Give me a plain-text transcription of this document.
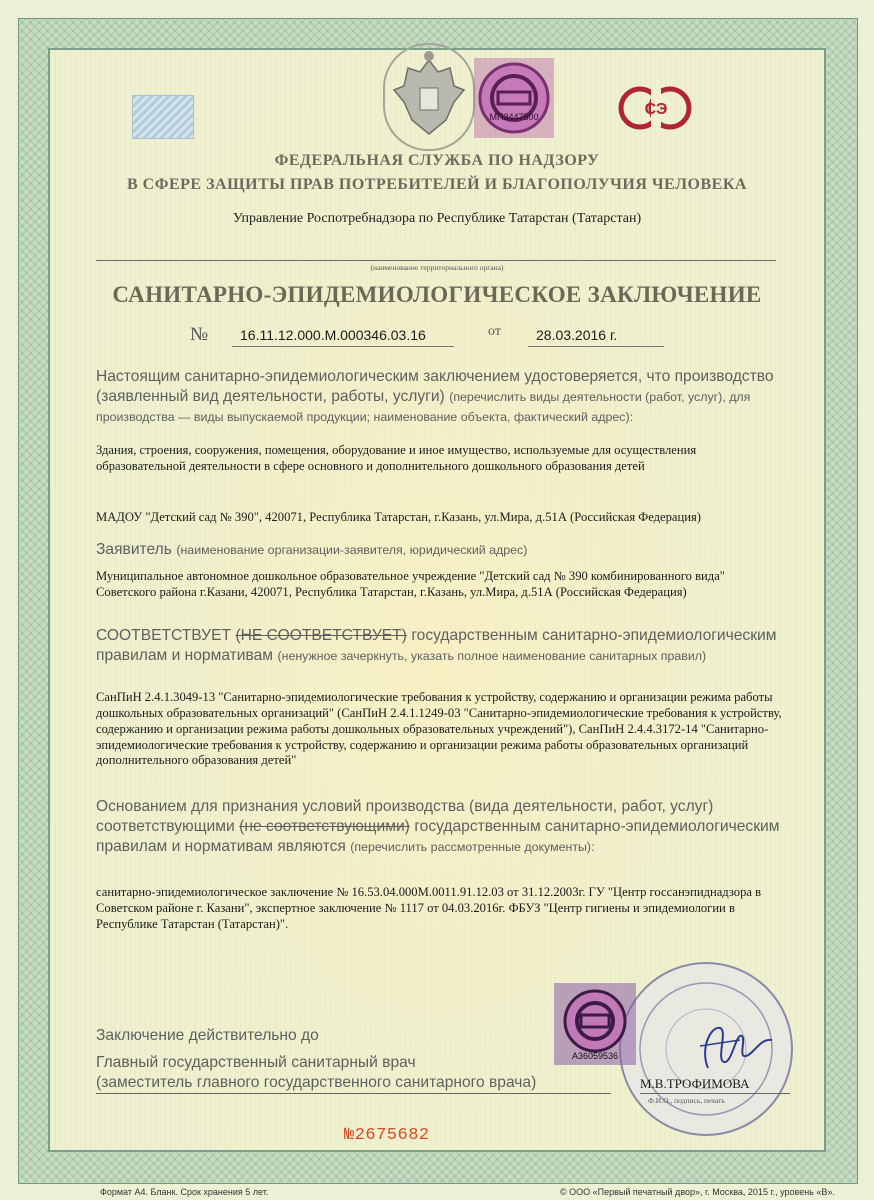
МП3447500	СЭ
ФЕДЕРАЛЬНАЯ СЛУЖБА ПО НАДЗОРУ
В СФЕРЕ ЗАЩИТЫ ПРАВ ПОТРЕБИТЕЛЕЙ И БЛАГОПОЛУЧИЯ ЧЕЛОВЕКА
Управление Роспотребнадзора по Республике Татарстан (Татарстан)
(наименование территориального органа)
САНИТАРНО-ЭПИДЕМИОЛОГИЧЕСКОЕ ЗАКЛЮЧЕНИЕ
№ 16.11.12.000.М.000346.03.16	от	28.03.2016 г.

Настоящим санитарно-эпидемиологическим заключением удостоверяется, что производство (заявленный вид деятельности, работы, услуги) (перечислить виды деятельности (работ, услуг), для производства — виды выпускаемой продукции; наименование объекта, фактический адрес):

Здания, строения, сооружения, помещения, оборудование и иное имущество, используемые для осуществления образовательной деятельности в сфере основного и дополнительного дошкольного образования детей

МАДОУ "Детский сад № 390", 420071, Республика Татарстан, г.Казань, ул.Мира, д.51А (Российская Федерация)

Заявитель (наименование организации-заявителя, юридический адрес)

Муниципальное автономное дошкольное образовательное учреждение "Детский сад № 390 комбинированного вида" Советского района г.Казани, 420071, Республика Татарстан, г.Казань, ул.Мира, д.51А (Российская Федерация)

СООТВЕТСТВУЕТ (НЕ СООТВЕТСТВУЕТ) государственным санитарно-эпидемиологическим правилам и нормативам (ненужное зачеркнуть, указать полное наименование санитарных правил)

СанПиН 2.4.1.3049-13 "Санитарно-эпидемиологические требования к устройству, содержанию и организации режима работы дошкольных образовательных организаций" (СанПиН 2.4.1.1249-03 "Санитарно-эпидемиологические требования к устройству, содержанию и организации режима работы дошкольных образовательных учреждений"), СанПиН 2.4.4.3172-14 "Санитарно-эпидемиологические требования к устройству, содержанию и организации режима работы образовательных организаций дополнительного образования детей"

Основанием для признания условий производства (вида деятельности, работ, услуг) соответствующими (не соответствующими) государственным санитарно-эпидемиологическим правилам и нормативам являются (перечислить рассмотренные документы):

санитарно-эпидемиологическое заключение № 16.53.04.000М.0011.91.12.03 от 31.12.2003г. ГУ "Центр госсанэпиднадзора в Советском районе г. Казани", экспертное заключение № 1117 от 04.03.2016г. ФБУЗ "Центр гигиены и эпидемиологии в Республике Татарстан (Татарстан)".

А36059536
Заключение действительно до
Главный государственный санитарный врач
(заместитель главного государственного санитарного врача)	М.В.ТРОФИМОВА
Ф.И.О., подпись, печать
№2675682
Формат А4. Бланк. Срок хранения 5 лет.	© ООО «Первый печатный двор», г. Москва, 2015 г., уровень «В».
